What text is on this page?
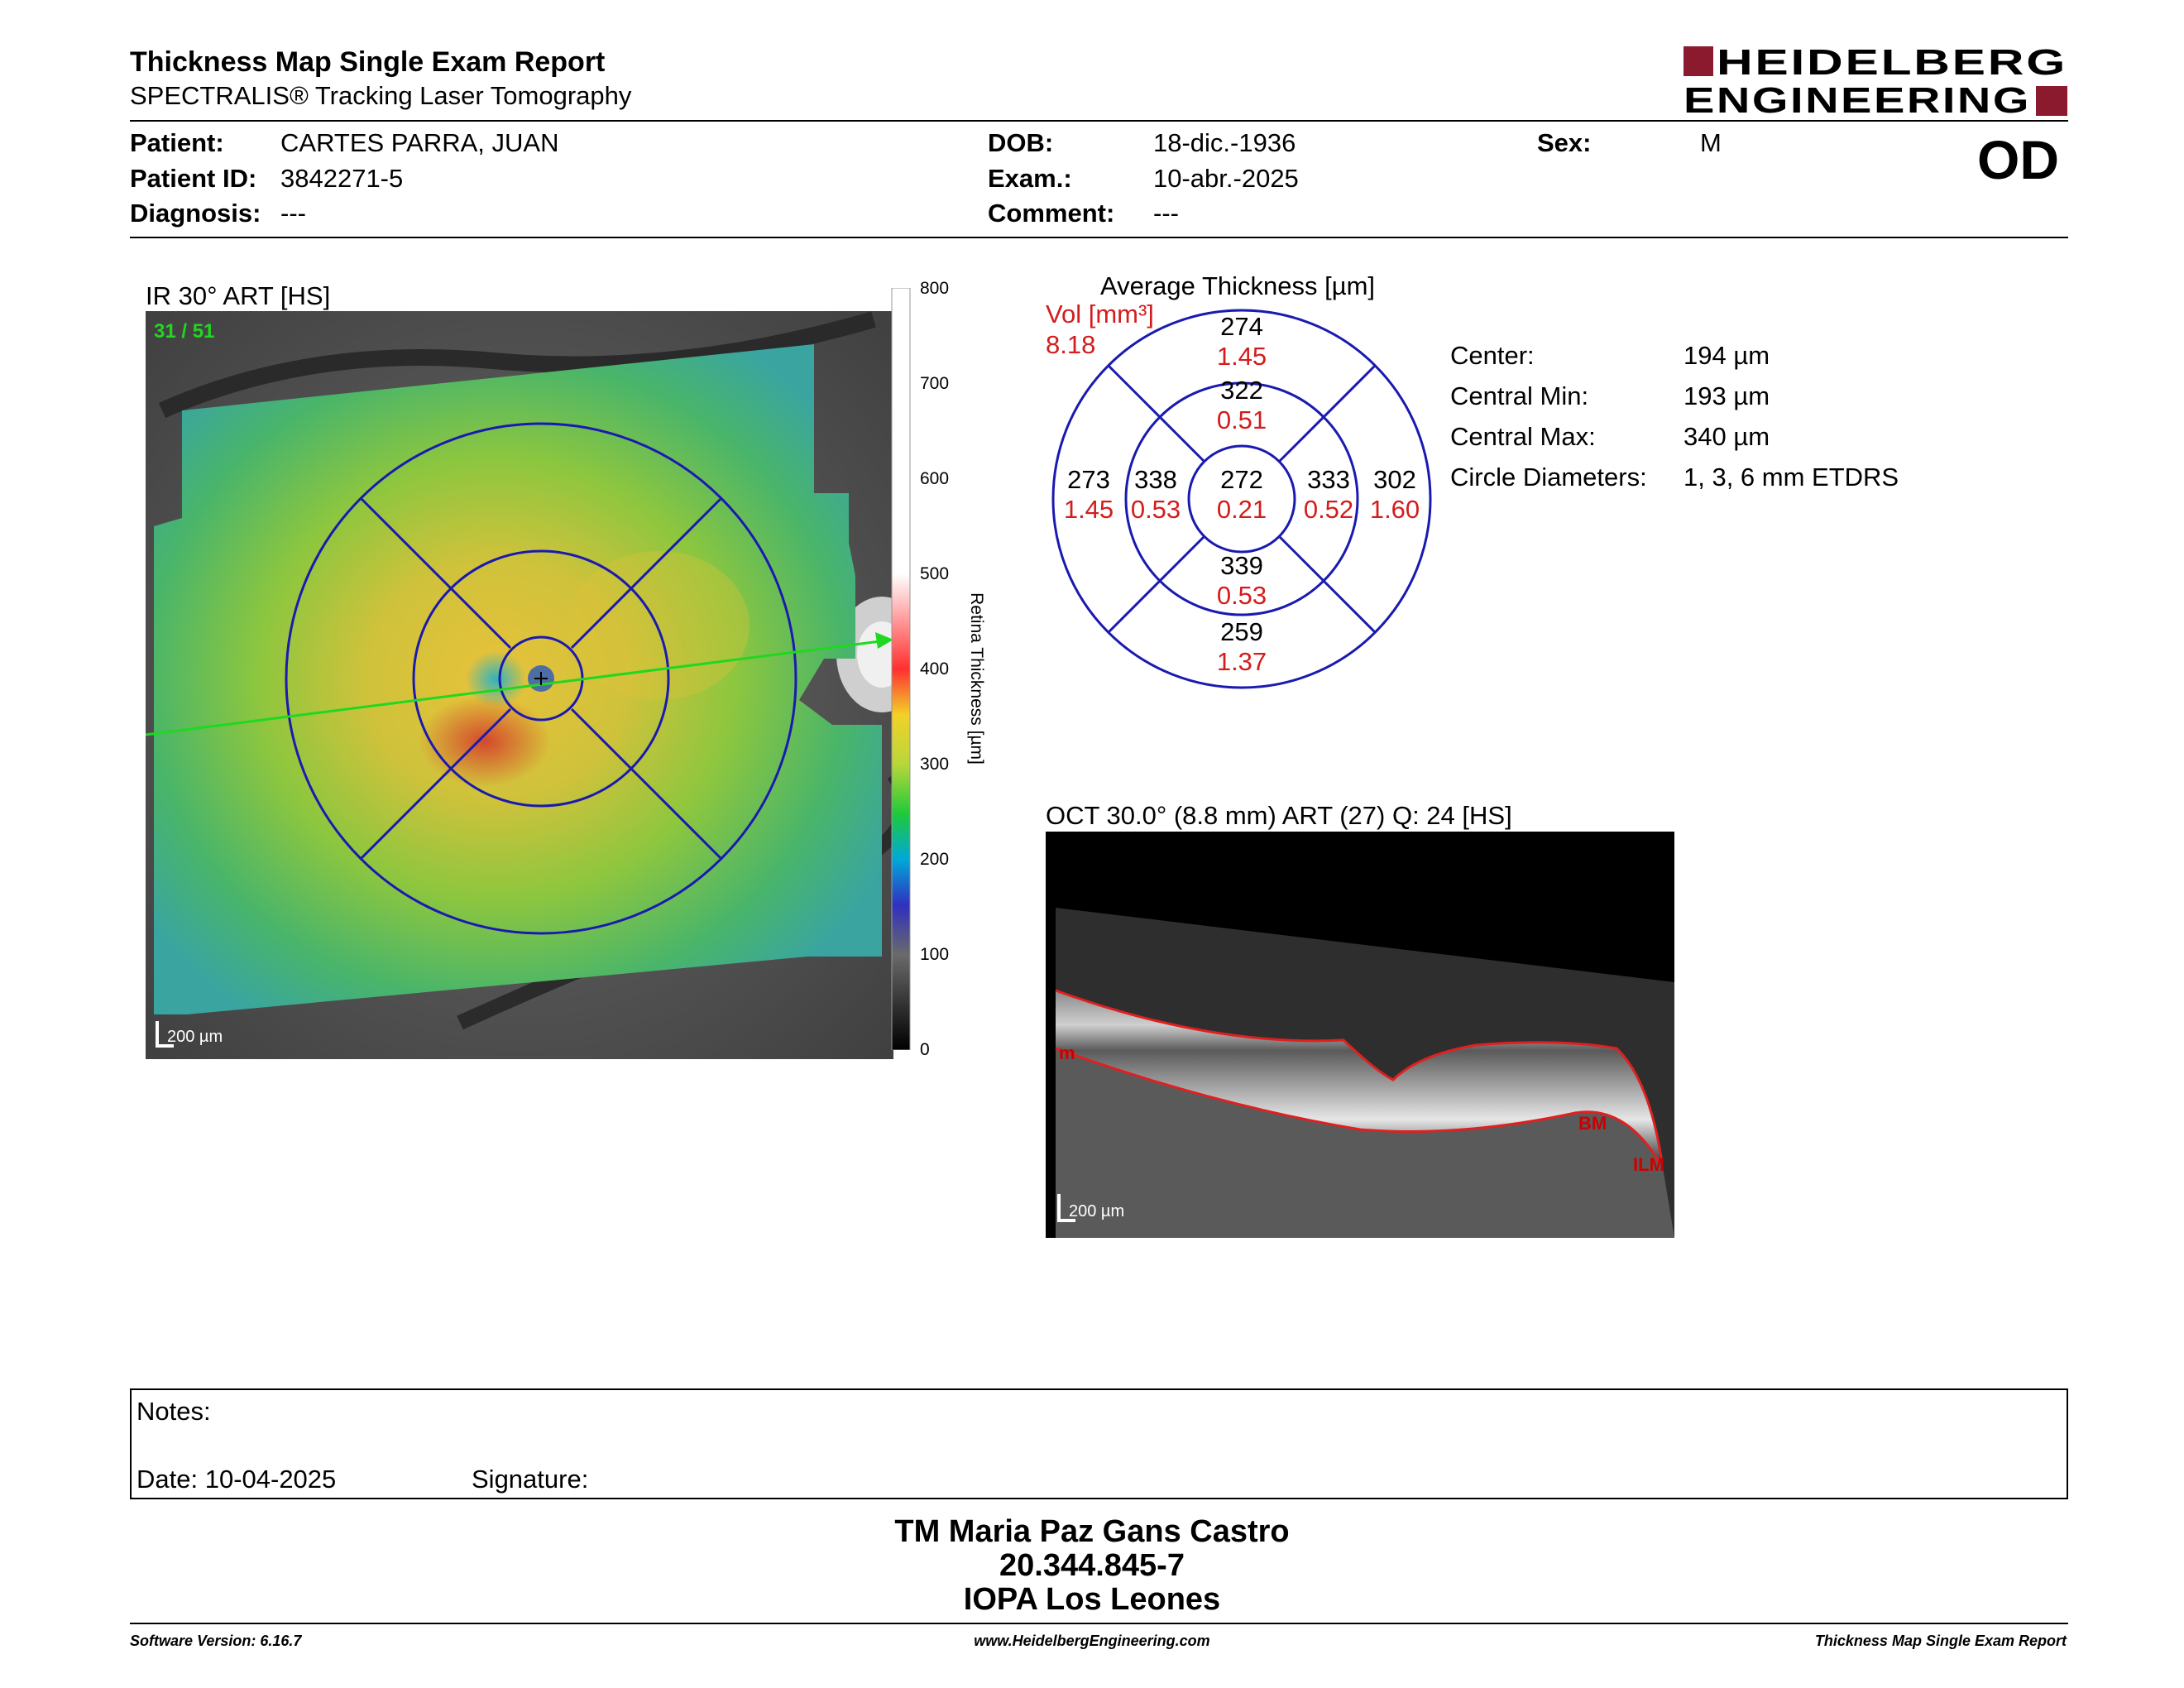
Thickness Map Single Exam Report
SPECTRALIS® Tracking Laser Tomography
HEIDELBERG
ENGINEERING
Patient: CARTES PARRA, JUAN
Patient ID: 3842271-5
Diagnosis: ---
DOB:	18-dic.-1936
Exam.:	10-abr.-2025
Comment: ---
Sex:	M	OD
IR 30° ART [HS]
31 / 51
200 µm
800
700
600
500
400
300
200
100
0
Retina Thickness [µm]
Average Thickness [µm]
Vol [mm³]
8.18
274
1.45
322
0.51
273
1.45
338
0.53
272
0.21
333
0.52
302
1.60
339
0.53
259
1.37
Center:	194 µm
Central Min:	193 µm
Central Max:	340 µm
Circle Diameters: 1, 3, 6 mm ETDRS
OCT 30.0° (8.8 mm) ART (27) Q: 24 [HS]
m
BM
ILM
200 µm
Notes:
Date: 10-04-2025	Signature:
TM Maria Paz Gans Castro
20.344.845-7
IOPA Los Leones
Software Version: 6.16.7	www.HeidelbergEngineering.com	Thickness Map Single Exam Report
